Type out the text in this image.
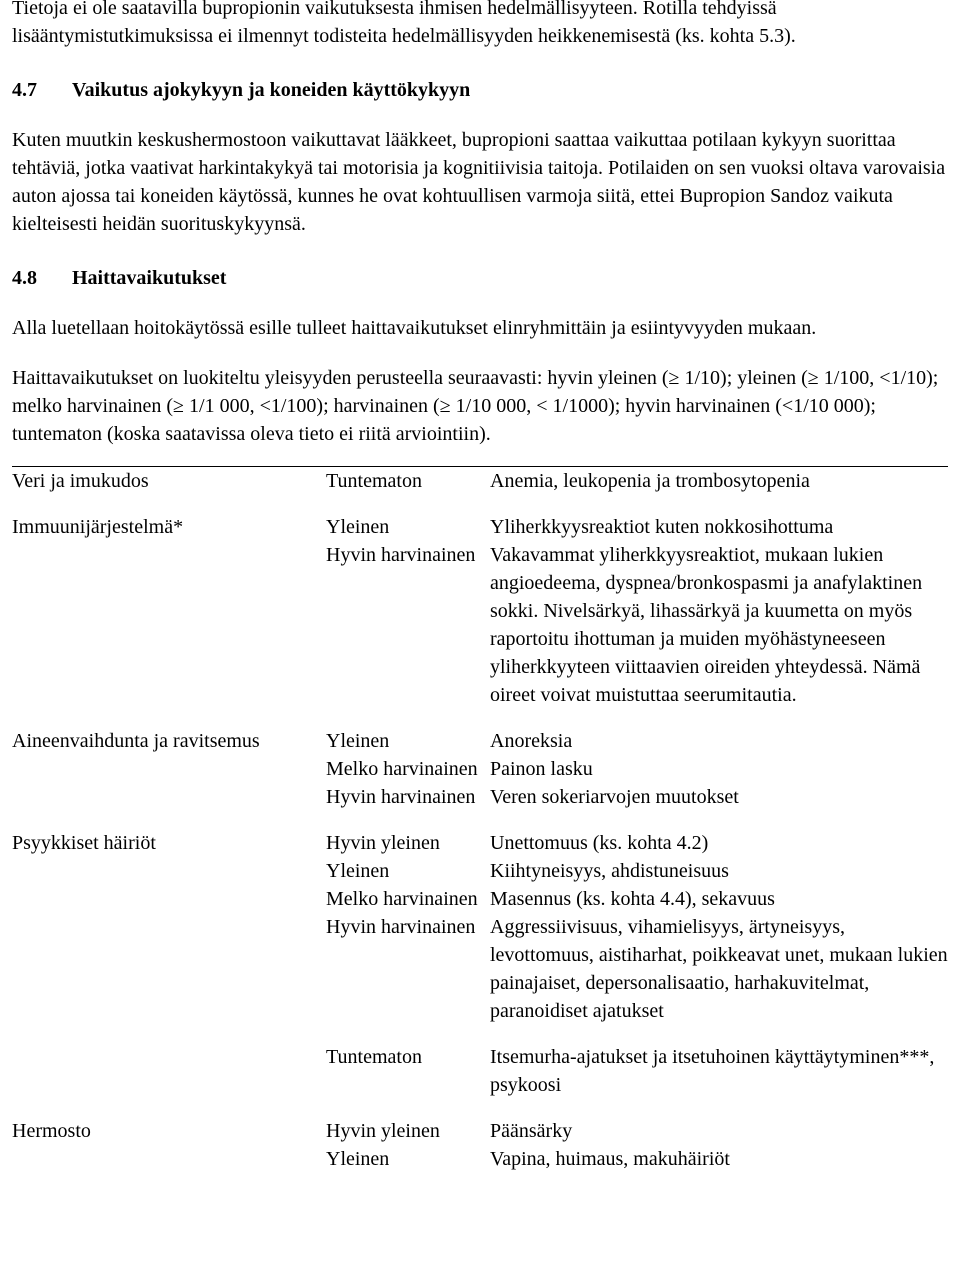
Tietoja ei ole saatavilla bupropionin vaikutuksesta ihmisen hedelmällisyyteen. Rotilla tehdyissä lisääntymistutkimuksissa ei ilmennyt todisteita hedelmällisyyden heikkenemisestä (ks. kohta 5.3).

4.7	Vaikutus ajokykyyn ja koneiden käyttökykyyn

Kuten muutkin keskushermostoon vaikuttavat lääkkeet, bupropioni saattaa vaikuttaa potilaan kykyyn suorittaa tehtäviä, jotka vaativat harkintakykyä tai motorisia ja kognitiivisia taitoja. Potilaiden on sen vuoksi oltava varovaisia auton ajossa tai koneiden käytössä, kunnes he ovat kohtuullisen varmoja siitä, ettei Bupropion Sandoz vaikuta kielteisesti heidän suorituskykyynsä.

4.8	Haittavaikutukset

Alla luetellaan hoitokäytössä esille tulleet haittavaikutukset elinryhmittäin ja esiintyvyyden mukaan.

Haittavaikutukset on luokiteltu yleisyyden perusteella seuraavasti: hyvin yleinen (≥ 1/10); yleinen (≥ 1/100, <1/10); melko harvinainen (≥ 1/1 000, <1/100); harvinainen (≥ 1/10 000, < 1/1000); hyvin harvinainen (<1/10 000); tuntematon (koska saatavissa oleva tieto ei riitä arviointiin).

Veri ja imukudos	Tuntematon	Anemia, leukopenia ja trombosytopenia
Immuunijärjestelmä*	Yleinen	Yliherkkyysreaktiot kuten nokkosihottuma
	Hyvin harvinainen	Vakavammat yliherkkyysreaktiot, mukaan lukien angioedeema, dyspnea/bronkospasmi ja anafylaktinen sokki. Nivelsärkyä, lihassärkyä ja kuumetta on myös raportoitu ihottuman ja muiden myöhästyneeseen yliherkkyyteen viittaavien oireiden yhteydessä. Nämä oireet voivat muistuttaa seerumitautia.
Aineenvaihdunta ja ravitsemus	Yleinen	Anoreksia
	Melko harvinainen	Painon lasku
	Hyvin harvinainen	Veren sokeriarvojen muutokset
Psyykkiset häiriöt	Hyvin yleinen	Unettomuus (ks. kohta 4.2)
	Yleinen	Kiihtyneisyys, ahdistuneisuus
	Melko harvinainen	Masennus (ks. kohta 4.4), sekavuus
	Hyvin harvinainen	Aggressiivisuus, vihamielisyys, ärtyneisyys, levottomuus, aistiharhat, poikkeavat unet, mukaan lukien painajaiset, depersonalisaatio, harhakuvitelmat, paranoidiset ajatukset
	Tuntematon	Itsemurha-ajatukset ja itsetuhoinen käyttäytyminen***, psykoosi
Hermosto	Hyvin yleinen	Päänsärky
	Yleinen	Vapina, huimaus, makuhäiriöt
